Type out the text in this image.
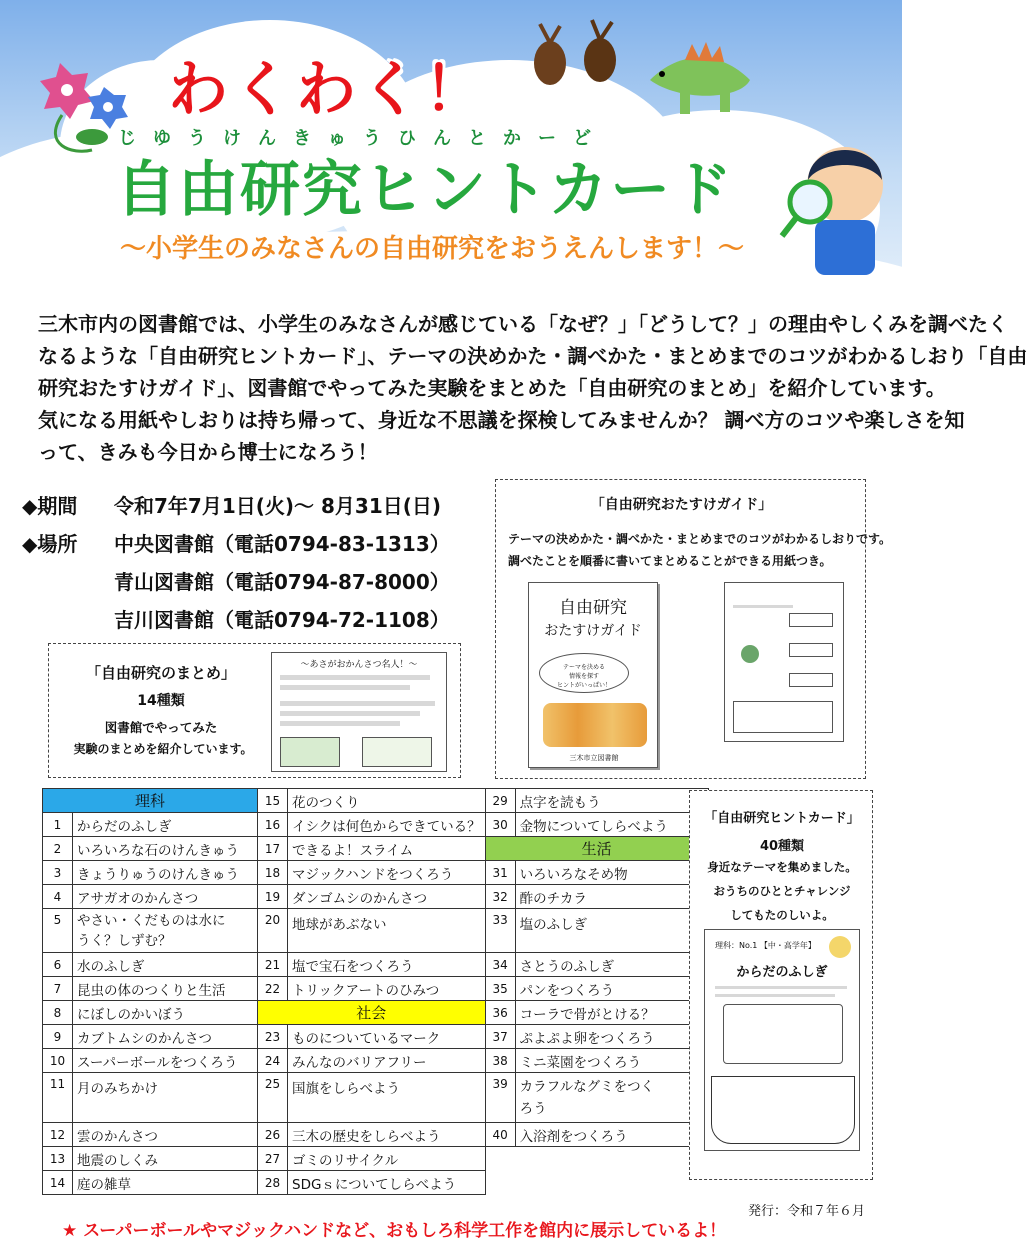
わくわく！
じゆうけんきゅうひんとかーど
自由研究ヒントカード
〜小学生のみなさんの自由研究をおうえんします！〜
三木市内の図書館では、小学生のみなさんが感じている「なぜ？」「どうして？」の理由やしくみを調べたく
なるような「自由研究ヒントカード」、テーマの決めかた・調べかた・まとめまでのコツがわかるしおり「自由
研究おたすけガイド」、図書館でやってみた実験をまとめた「自由研究のまとめ」を紹介しています。
気になる用紙やしおりは持ち帰って、身近な不思議を探検してみませんか？ 調べ方のコツや楽しさを知
って、きみも今日から博士になろう！
◆期間	令和7年7月1日(火)～ 8月31日(日)
◆場所	中央図書館（電話0794-83-1313）
青山図書館（電話0794-87-8000）
吉川図書館（電話0794-72-1108）
「自由研究のまとめ」
14種類
図書館でやってみた
実験のまとめを紹介しています。
～あさがおかんさつ名人！～
「自由研究おたすけガイド」
テーマの決めかた・調べかた・まとめまでのコツがわかるしおりです。
調べたことを順番に書いてまとめることができる用紙つき。
自由研究
おたすけガイド
テーマを決める
情報を探す
ヒントがいっぱい！
三木市立図書館
理科		15	花のつくり	29	点字を読もう
1	からだのふしぎ	16	イシクは何色からできている？	30	金物についてしらべよう
2	いろいろな石のけんきゅう	17	できるよ！スライム	生活	
3	きょうりゅうのけんきゅう	18	マジックハンドをつくろう	31	いろいろなそめ物
4	アサガオのかんさつ	19	ダンゴムシのかんさつ	32	酢のチカラ
5	やさい・くだものは水に
うく？しずむ？	20	地球があぶない	33	塩のふしぎ
6	水のふしぎ	21	塩で宝石をつくろう	34	さとうのふしぎ
7	昆虫の体のつくりと生活	22	トリックアートのひみつ	35	パンをつくろう
8	にぼしのかいぼう	社会		36	コーラで骨がとける？
9	カブトムシのかんさつ	23	ものについているマーク	37	ぷよぷよ卵をつくろう
10	スーパーボールをつくろう	24	みんなのバリアフリー	38	ミニ菜園をつくろう
11	月のみちかけ	25	国旗をしらべよう	39	カラフルなグミをつく
ろう

12	雲のかんさつ	26	三木の歴史をしらべよう	40	入浴剤をつくろう
13	地震のしくみ	27	ゴミのリサイクル		
14	庭の雑草	28	SDGｓについてしらべよう		
「自由研究ヒントカード」
40種類
身近なテーマを集めました。
おうちのひととチャレンジ
してもたのしいよ。
理科：No.1 【中・高学年】
からだのふしぎ
発行：令和７年６月
★ スーパーボールやマジックハンドなど、おもしろ科学工作を館内に展示しているよ！
